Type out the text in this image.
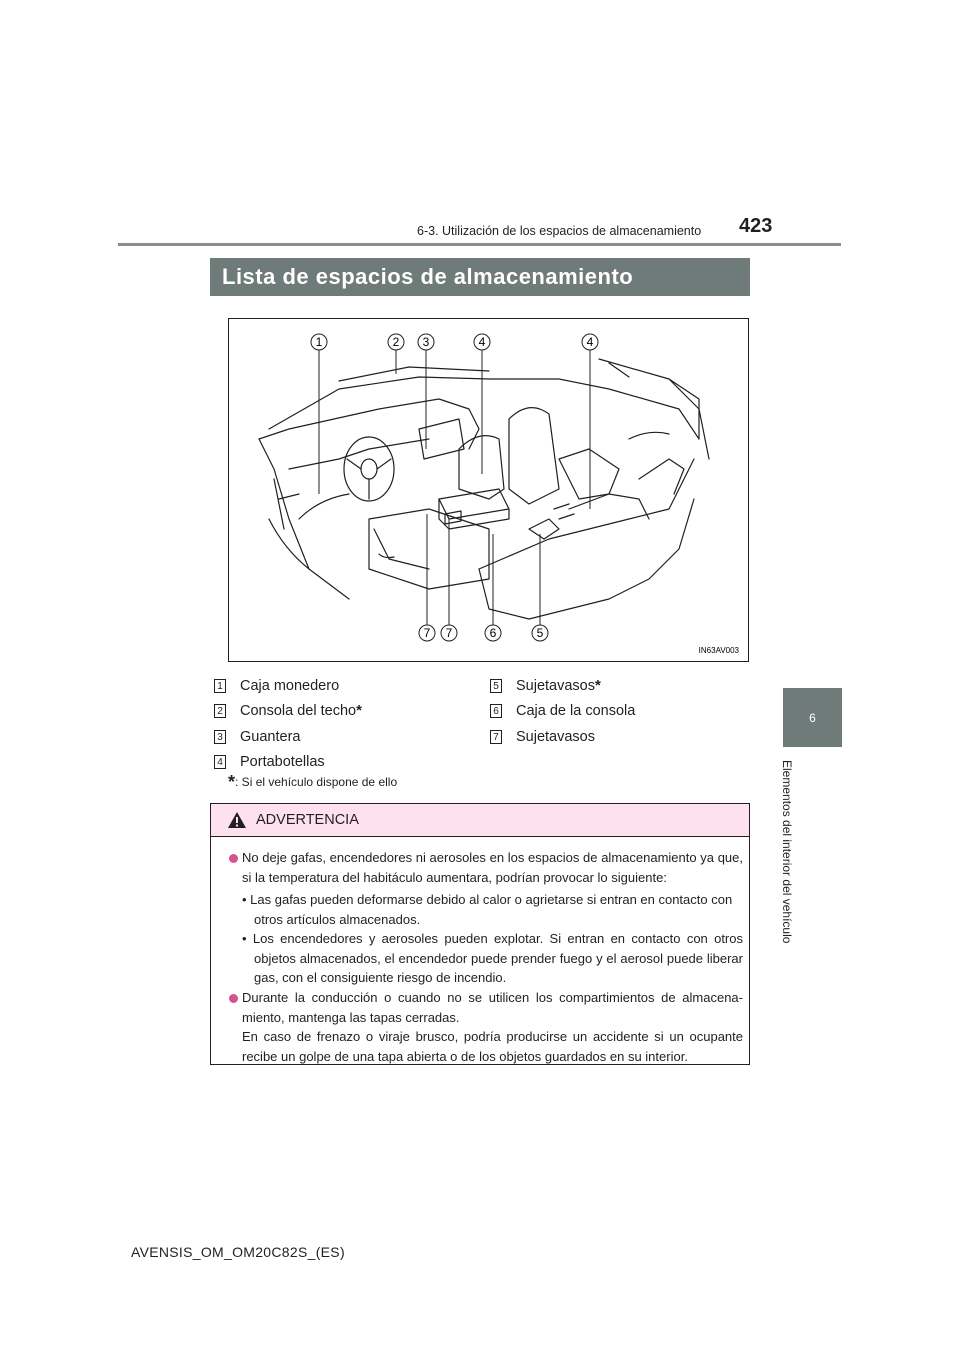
6-3. Utilización de los espacios de almacenamiento 423
6
Elementos del interior del vehículo
Lista de espacios de almacenamiento
1	2 3	4	4
7 7	6	5
IN63AV003
1 Caja monedero
2 Consola del techo *
3 Guantera
4 Portabotellas
5 Sujetavasos *
6 Caja de la consola
7 Sujetavasos
*: Si el vehículo dispone de ello
ADVERTENCIA
No deje gafas, encendedores ni aerosoles en los espacios de almacenamiento ya que, si la temperatura del habitáculo aumentara, podrían provocar lo siguiente:
• Las gafas pueden deformarse debido al calor o agrietarse si entran en contacto con otros artículos almacenados.
• Los encendedores y aerosoles pueden explotar. Si entran en contacto con otros objetos almacenados, el encendedor puede prender fuego y el aerosol puede liberar gas, con el consiguiente riesgo de incendio.
Durante la conducción o cuando no se utilicen los compartimientos de almacena-miento, mantenga las tapas cerradas.
En caso de frenazo o viraje brusco, podría producirse un accidente si un ocupante recibe un golpe de una tapa abierta o de los objetos guardados en su interior.
AVENSIS_OM_OM20C82S_(ES)
